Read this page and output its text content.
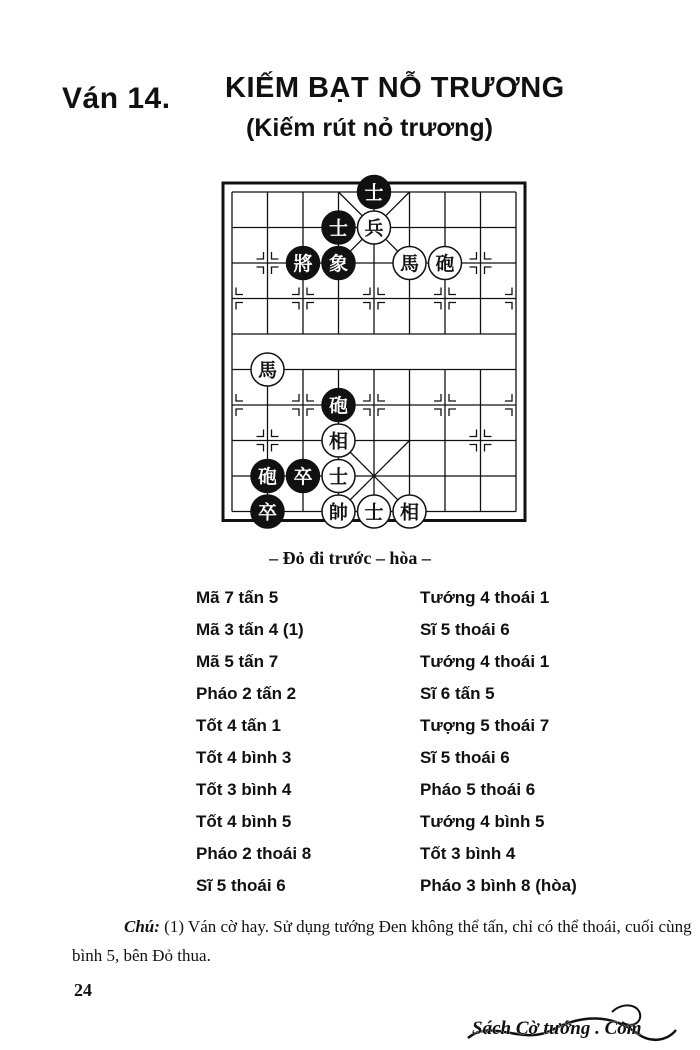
Ván 14. KIẾM BẠT NỖ TRƯƠNG
(Kiếm rút nỏ trương)
士
士 兵
將 象	馬 砲
馬
砲
相
砲 卒 士
卒	帥 士 相
– Đỏ đi trước – hòa –
Mã 7 tấn 5
Mã 3 tấn 4 (1)
Mã 5 tấn 7
Pháo 2 tấn 2
Tốt 4 tấn 1
Tốt 4 bình 3
Tốt 3 bình 4
Tốt 4 bình 5
Pháo 2 thoái 8
Sĩ 5 thoái 6
Tướng 4 thoái 1
Sĩ 5 thoái 6
Tướng 4 thoái 1
Sĩ 6 tấn 5
Tượng 5 thoái 7
Sĩ 5 thoái 6
Pháo 5 thoái 6
Tướng 4 bình 5
Tốt 3 bình 4
Pháo 3 bình 8 (hòa)
Chú: (1) Ván cờ hay. Sử dụng tướng Đen không thể tấn, chỉ có thể thoái, cuối cùng bình 5, bên Đỏ thua.
24
Sách Cờ tướng . Com
